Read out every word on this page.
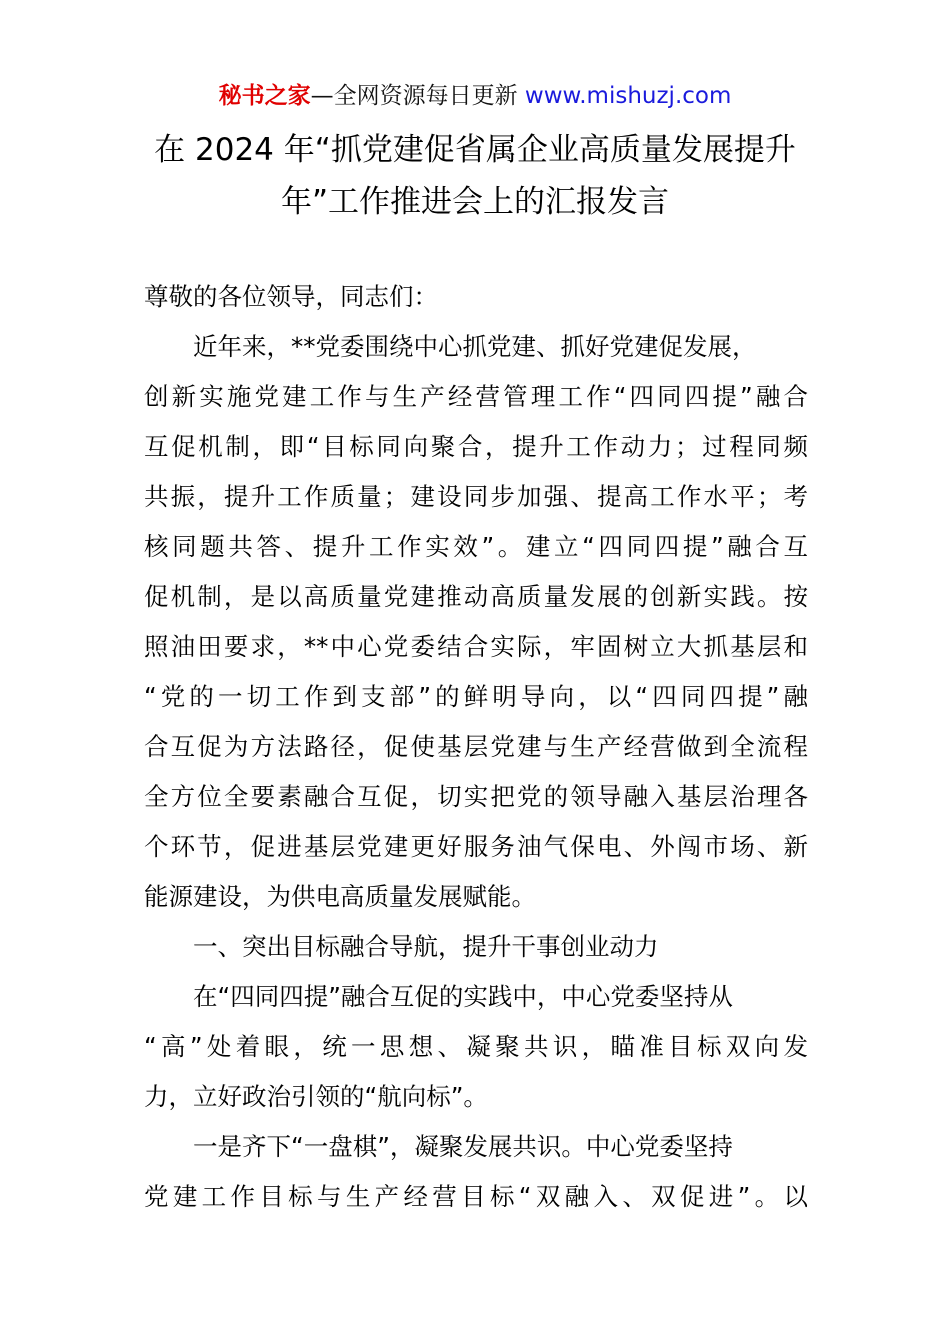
秘书之家—全网资源每日更新 www.mishuzj.com
在 2024 年“抓党建促省属企业高质量发展提升
年”工作推进会上的汇报发言
尊敬的各位领导，同志们：
近年来，**党委围绕中心抓党建、抓好党建促发展，
创新实施党建工作与生产经营管理工作“四同四提”融合
互促机制，即“目标同向聚合，提升工作动力；过程同频
共振，提升工作质量；建设同步加强、提高工作水平；考
核同题共答、提升工作实效”。建立“四同四提”融合互
促机制，是以高质量党建推动高质量发展的创新实践。按
照油田要求，**中心党委结合实际，牢固树立大抓基层和
“党的一切工作到支部”的鲜明导向，以“四同四提”融
合互促为方法路径，促使基层党建与生产经营做到全流程
全方位全要素融合互促，切实把党的领导融入基层治理各
个环节，促进基层党建更好服务油气保电、外闯市场、新
能源建设，为供电高质量发展赋能。
一、突出目标融合导航，提升干事创业动力
在“四同四提”融合互促的实践中，中心党委坚持从
“高”处着眼，统一思想、凝聚共识，瞄准目标双向发
力，立好政治引领的“航向标”。
一是齐下“一盘棋”，凝聚发展共识。中心党委坚持
党建工作目标与生产经营目标“双融入、双促进”。以
